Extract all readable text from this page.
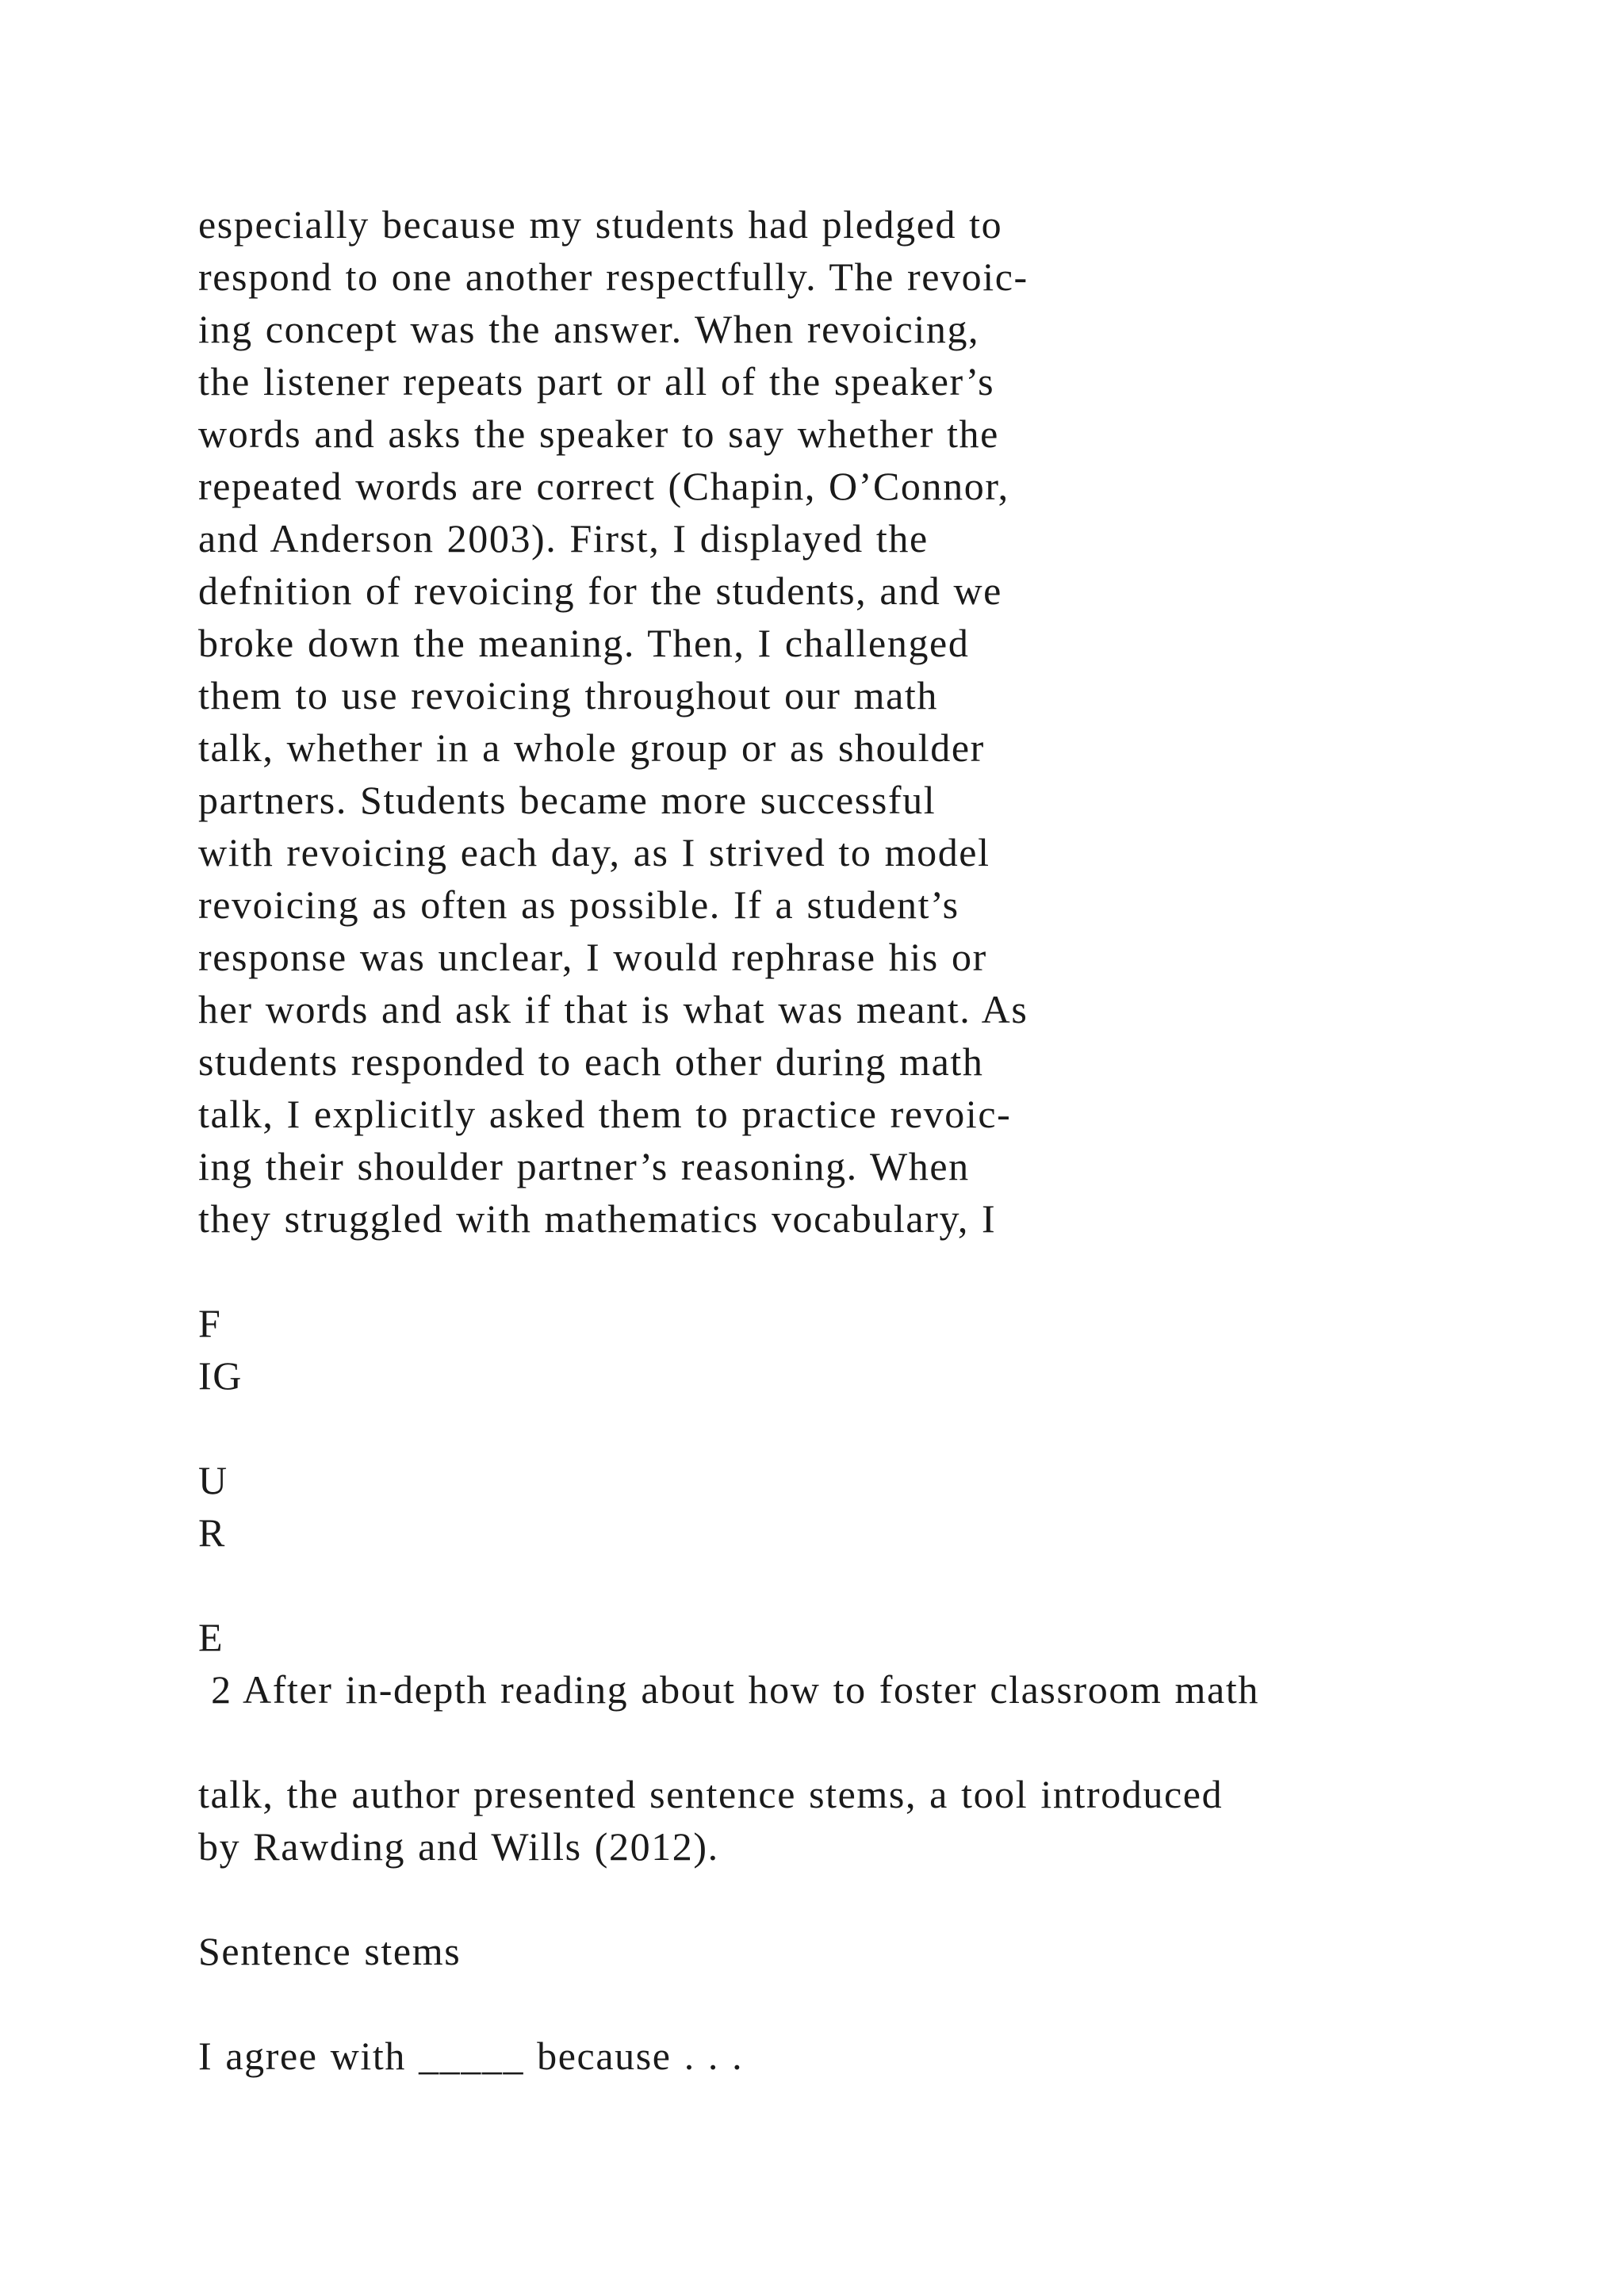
especially because my students had pledged to
respond to one another respectfully. The revoic-
ing concept was the answer. When revoicing,
the listener repeats part or all of the speaker’s
words and asks the speaker to say whether the
repeated words are correct (Chapin, O’Connor,
and Anderson 2003). First, I displayed the
defnition of revoicing for the students, and we
broke down the meaning. Then, I challenged
them to use revoicing throughout our math
talk, whether in a whole group or as shoulder
partners. Students became more successful
with revoicing each day, as I strived to model
revoicing as often as possible. If a student’s
response was unclear, I would rephrase his or
her words and ask if that is what was meant. As
students responded to each other during math
talk, I explicitly asked them to practice revoic-
ing their shoulder partner’s reasoning. When
they struggled with mathematics vocabulary, I
F
IG
U
R
E
2 After in-depth reading about how to foster classroom math
talk, the author presented sentence stems, a tool introduced
by Rawding and Wills (2012).
Sentence stems
I agree with _____ because . . .
